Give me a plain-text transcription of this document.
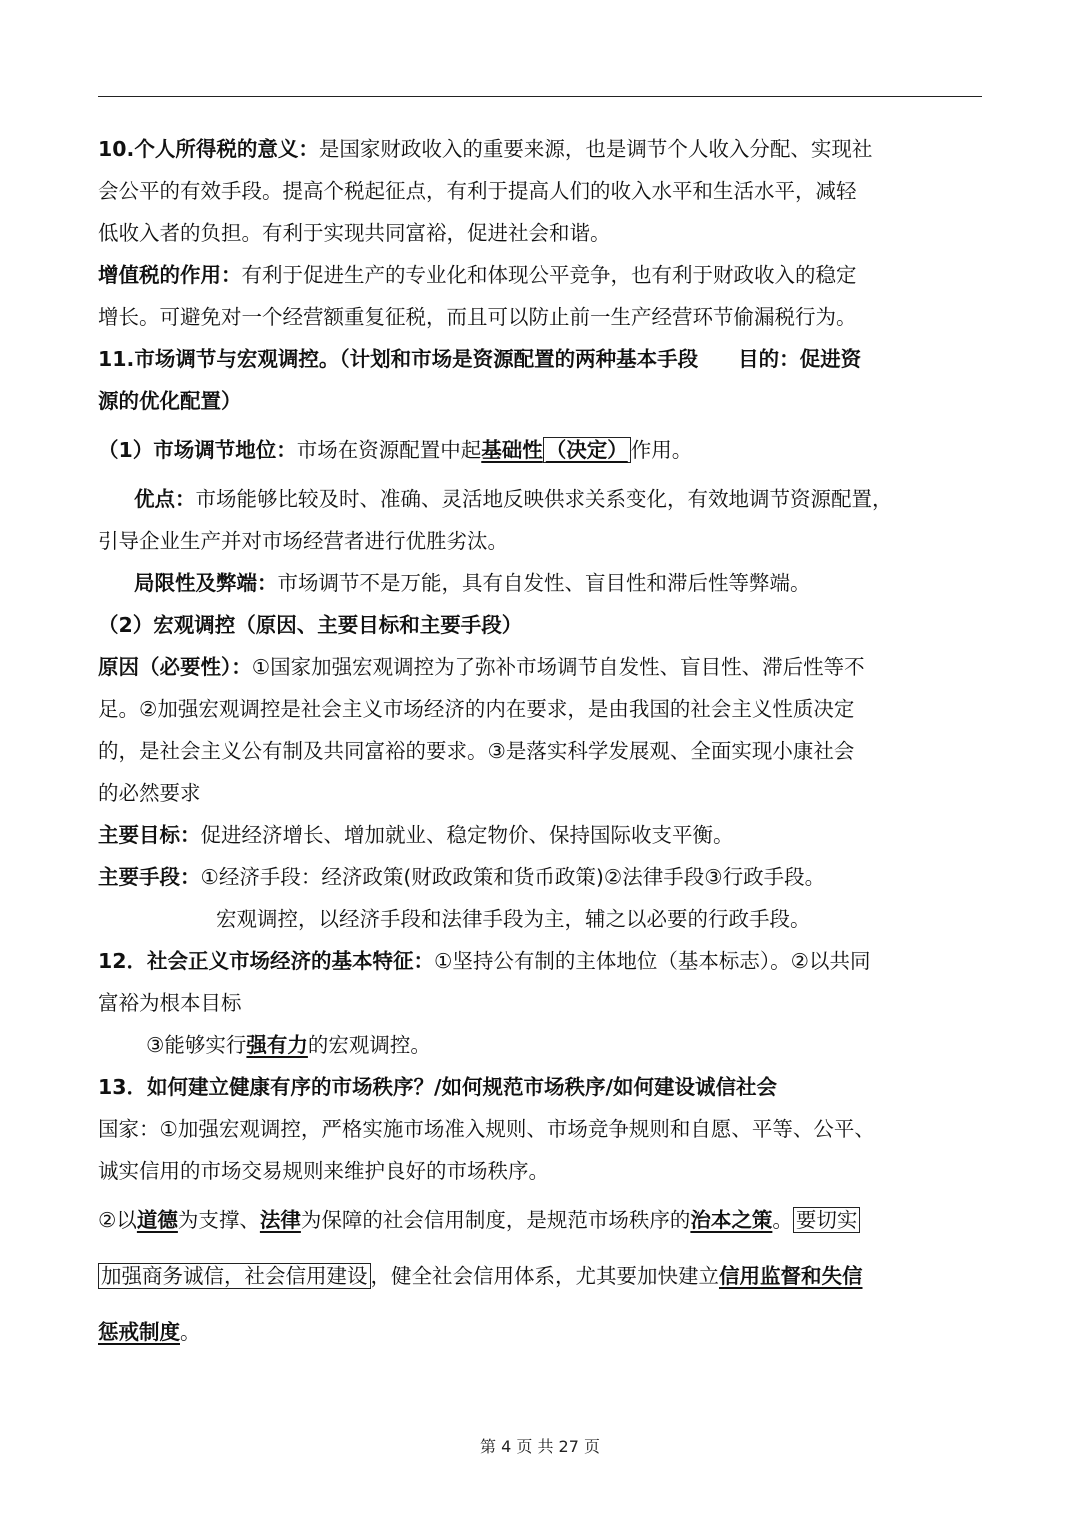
10.个人所得税的意义：是国家财政收入的重要来源，也是调节个人收入分配、实现社
会公平的有效手段。提高个税起征点，有利于提高人们的收入水平和生活水平，减轻
低收入者的负担。有利于实现共同富裕，促进社会和谐。
增值税的作用：有利于促进生产的专业化和体现公平竞争，也有利于财政收入的稳定
增长。可避免对一个经营额重复征税，而且可以防止前一生产经营环节偷漏税行为。
11.市场调节与宏观调控。（计划和市场是资源配置的两种基本手段 目的：促进资
源的优化配置）
（1）市场调节地位：市场在资源配置中起基础性 （决定） 作用。
优点：市场能够比较及时、准确、灵活地反映供求关系变化，有效地调节资源配置，
引导企业生产并对市场经营者进行优胜劣汰。
局限性及弊端：市场调节不是万能，具有自发性、盲目性和滞后性等弊端。
（2）宏观调控（原因、主要目标和主要手段）
原因（必要性）：①国家加强宏观调控为了弥补市场调节自发性、盲目性、滞后性等不
足。②加强宏观调控是社会主义市场经济的内在要求，是由我国的社会主义性质决定
的，是社会主义公有制及共同富裕的要求。③是落实科学发展观、全面实现小康社会
的必然要求
主要目标：促进经济增长、增加就业、稳定物价、保持国际收支平衡。
主要手段：①经济手段：经济政策(财政政策和货币政策)②法律手段③行政手段。
宏观调控，以经济手段和法律手段为主，辅之以必要的行政手段。
12．社会正义市场经济的基本特征：①坚持公有制的主体地位（基本标志）。②以共同
富裕为根本目标
③能够实行强有力的宏观调控。
13．如何建立健康有序的市场秩序？/如何规范市场秩序/如何建设诚信社会
国家：①加强宏观调控，严格实施市场准入规则、市场竞争规则和自愿、平等、公平、
诚实信用的市场交易规则来维护良好的市场秩序。
②以道德为支撑、法律为保障的社会信用制度，是规范市场秩序的治本之策。 要切实
加强商务诚信，社会信用建设 ，健全社会信用体系，尤其要加快建立信用监督和失信
惩戒制度。
第 4 页 共 27 页
